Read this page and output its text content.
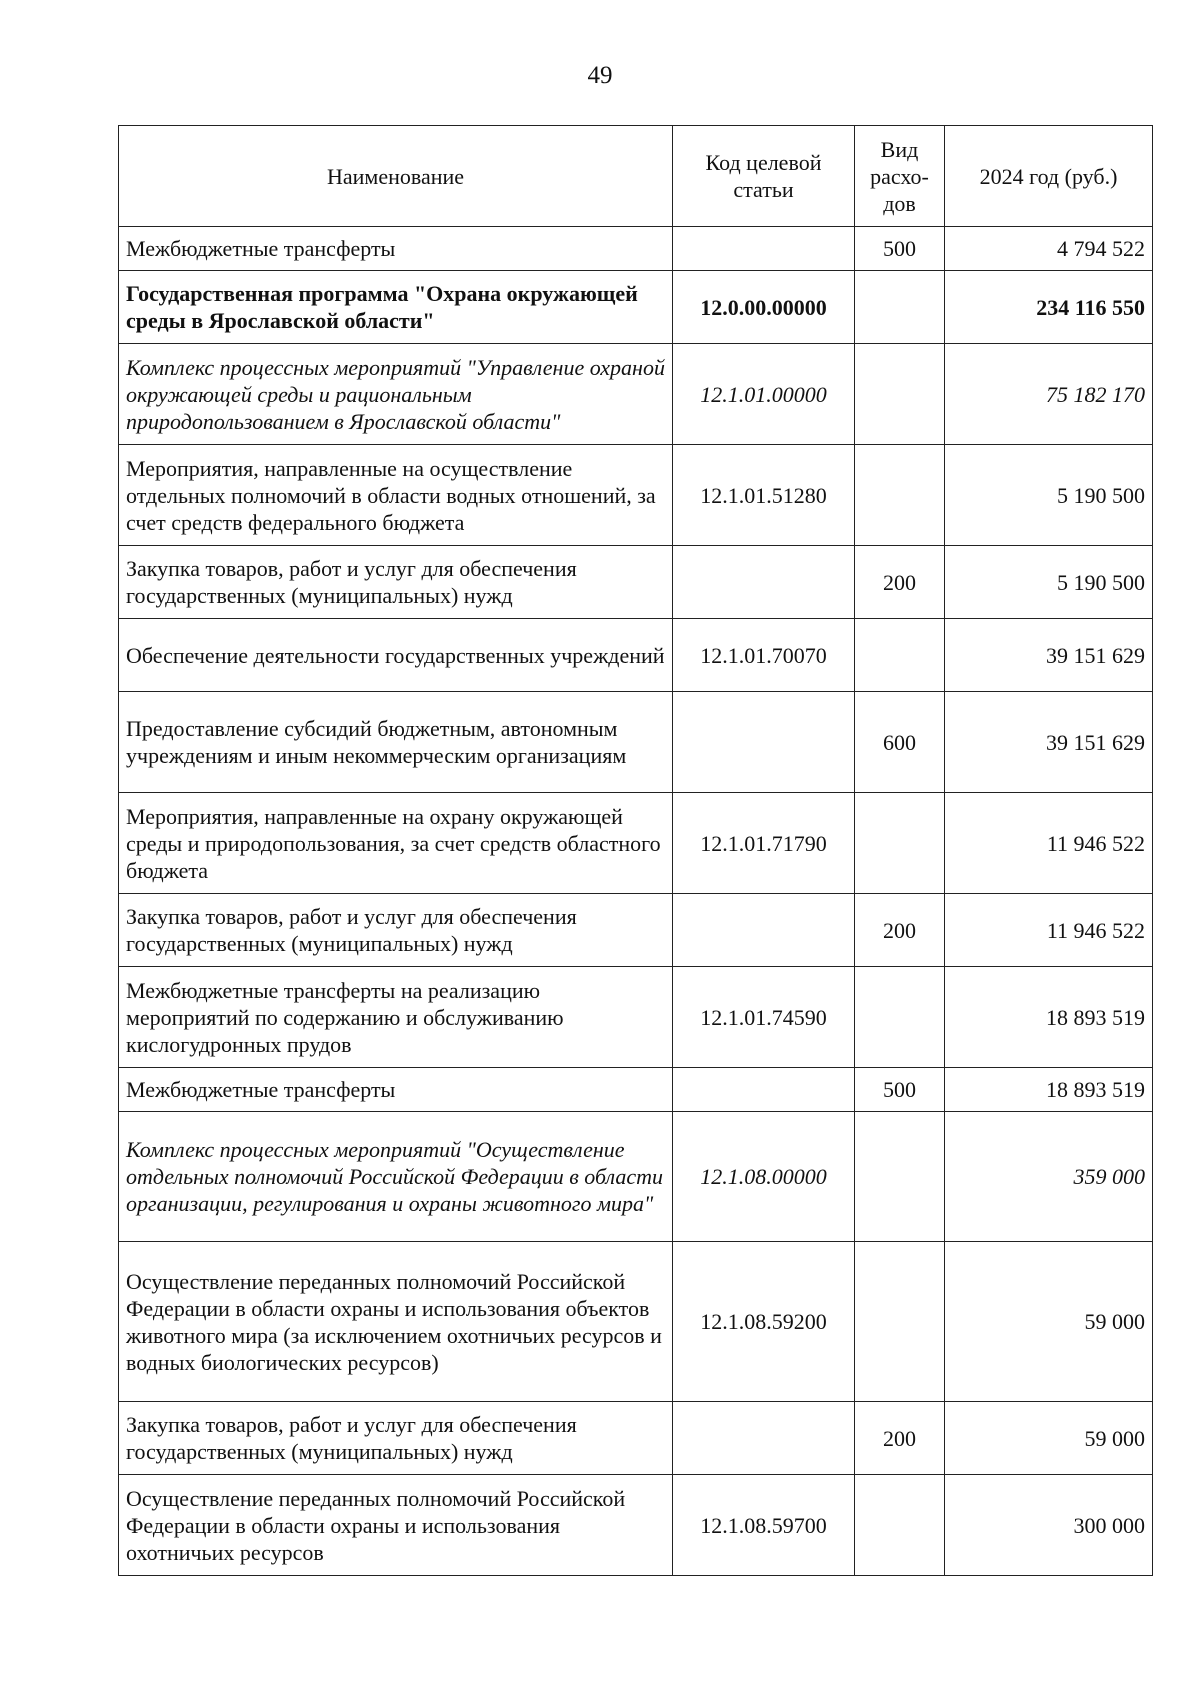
49
Наименование	Код целевой статьи	Вид расхо-дов	2024 год (руб.)
Межбюджетные трансферты		500	4 794 522
Государственная программа "Охрана окружающей среды в Ярославской области"	12.0.00.00000		234 116 550
Комплекс процессных мероприятий "Управление охраной окружающей среды и рациональным природопользованием в Ярославской области"	12.1.01.00000		75 182 170
Мероприятия, направленные на осуществление отдельных полномочий в области водных отношений, за счет средств федерального бюджета	12.1.01.51280		5 190 500
Закупка товаров, работ и услуг для обеспечения государственных (муниципальных) нужд		200	5 190 500
Обеспечение деятельности государственных учреждений	12.1.01.70070		39 151 629
Предоставление субсидий бюджетным, автономным учреждениям и иным некоммерческим организациям		600	39 151 629
Мероприятия, направленные на охрану окружающей среды и природопользования, за счет средств областного бюджета	12.1.01.71790		11 946 522
Закупка товаров, работ и услуг для обеспечения государственных (муниципальных) нужд		200	11 946 522
Межбюджетные трансферты на реализацию мероприятий по содержанию и обслуживанию кислогудронных прудов	12.1.01.74590		18 893 519
Межбюджетные трансферты		500	18 893 519
Комплекс процессных мероприятий "Осуществление отдельных полномочий Российской Федерации в области организации, регулирования и охраны животного мира"	12.1.08.00000		359 000
Осуществление переданных полномочий Российской Федерации в области охраны и использования объектов животного мира (за исключением охотничьих ресурсов и водных биологических ресурсов)	12.1.08.59200		59 000
Закупка товаров, работ и услуг для обеспечения государственных (муниципальных) нужд		200	59 000
Осуществление переданных полномочий Российской Федерации в области охраны и использования охотничьих ресурсов	12.1.08.59700		300 000
